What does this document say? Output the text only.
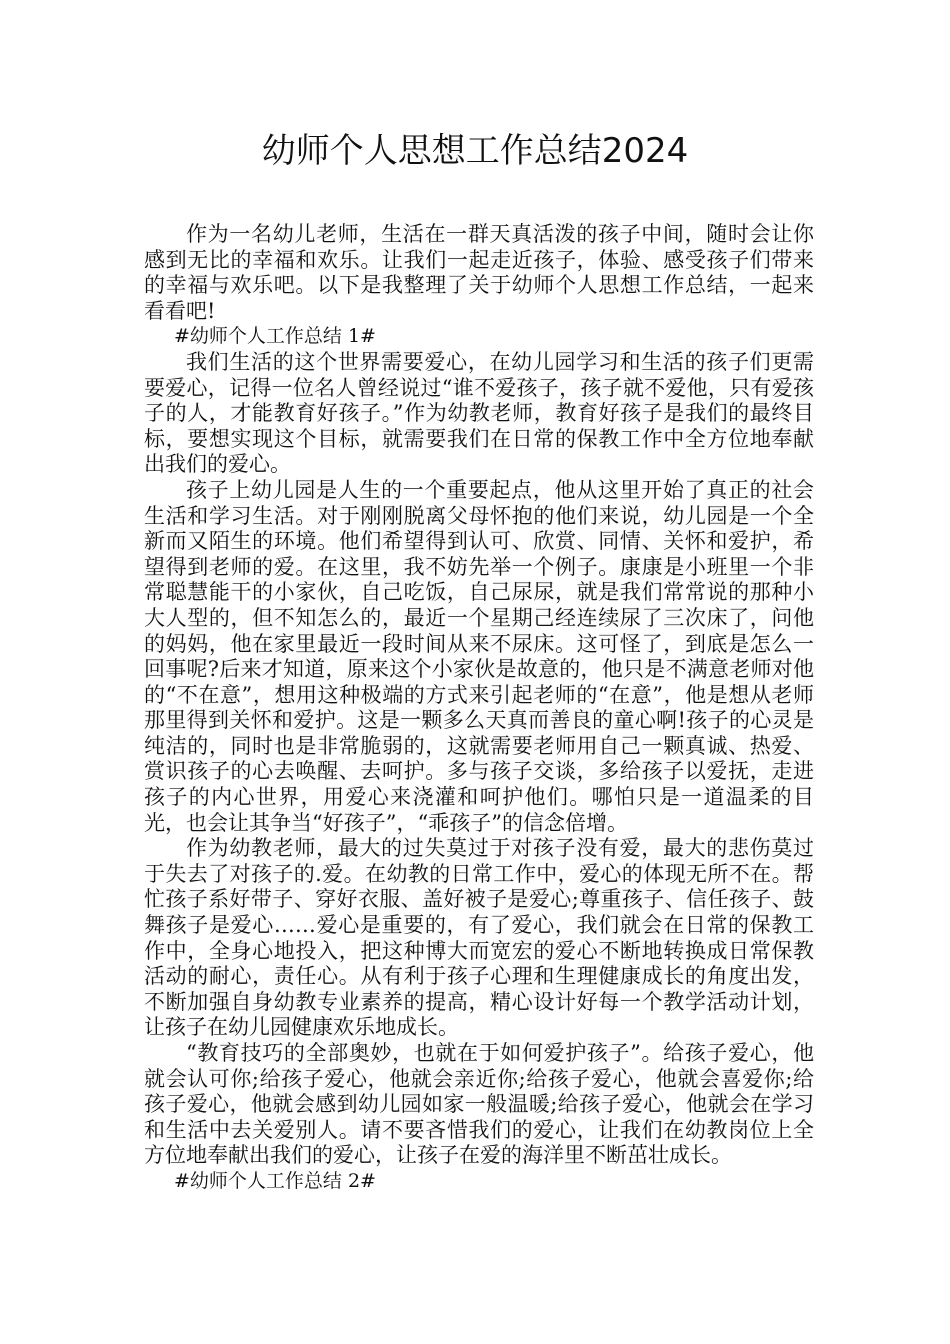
幼师个人思想工作总结2024

作为一名幼儿老师，生活在一群天真活泼的孩子中间，随时会让你感到无比的幸福和欢乐。让我们一起走近孩子，体验、感受孩子们带来的幸福与欢乐吧。以下是我整理了关于幼师个人思想工作总结，一起来看看吧!

#幼师个人工作总结 1#

我们生活的这个世界需要爱心，在幼儿园学习和生活的孩子们更需要爱心，记得一位名人曾经说过“谁不爱孩子，孩子就不爱他，只有爱孩子的人，才能教育好孩子。”作为幼教老师，教育好孩子是我们的最终目标，要想实现这个目标，就需要我们在日常的保教工作中全方位地奉献出我们的爱心。

孩子上幼儿园是人生的一个重要起点，他从这里开始了真正的社会生活和学习生活。对于刚刚脱离父母怀抱的他们来说，幼儿园是一个全新而又陌生的环境。他们希望得到认可、欣赏、同情、关怀和爱护，希望得到老师的爱。在这里，我不妨先举一个例子。康康是小班里一个非常聪慧能干的小家伙，自己吃饭，自己尿尿，就是我们常常说的那种小大人型的，但不知怎么的，最近一个星期己经连续尿了三次床了，问他的妈妈，他在家里最近一段时间从来不尿床。这可怪了，到底是怎么一回事呢?后来才知道，原来这个小家伙是故意的，他只是不满意老师对他的“不在意”，想用这种极端的方式来引起老师的“在意”，他是想从老师那里得到关怀和爱护。这是一颗多么天真而善良的童心啊!孩子的心灵是纯洁的，同时也是非常脆弱的，这就需要老师用自己一颗真诚、热爱、赏识孩子的心去唤醒、去呵护。多与孩子交谈，多给孩子以爱抚，走进孩子的内心世界，用爱心来浇灌和呵护他们。哪怕只是一道温柔的目光，也会让其争当“好孩子”，“乖孩子”的信念倍增。

作为幼教老师，最大的过失莫过于对孩子没有爱，最大的悲伤莫过于失去了对孩子的.爱。在幼教的日常工作中，爱心的体现无所不在。帮忙孩子系好带子、穿好衣服、盖好被子是爱心;尊重孩子、信任孩子、鼓舞孩子是爱心……爱心是重要的，有了爱心，我们就会在日常的保教工作中，全身心地投入，把这种博大而宽宏的爱心不断地转换成日常保教活动的耐心，责任心。从有利于孩子心理和生理健康成长的角度出发，不断加强自身幼教专业素养的提高，精心设计好每一个教学活动计划，让孩子在幼儿园健康欢乐地成长。

“教育技巧的全部奥妙，也就在于如何爱护孩子”。给孩子爱心，他就会认可你;给孩子爱心，他就会亲近你;给孩子爱心，他就会喜爱你;给孩子爱心，他就会感到幼儿园如家一般温暖;给孩子爱心，他就会在学习和生活中去关爱别人。请不要吝惜我们的爱心，让我们在幼教岗位上全方位地奉献出我们的爱心，让孩子在爱的海洋里不断茁壮成长。

#幼师个人工作总结 2#
